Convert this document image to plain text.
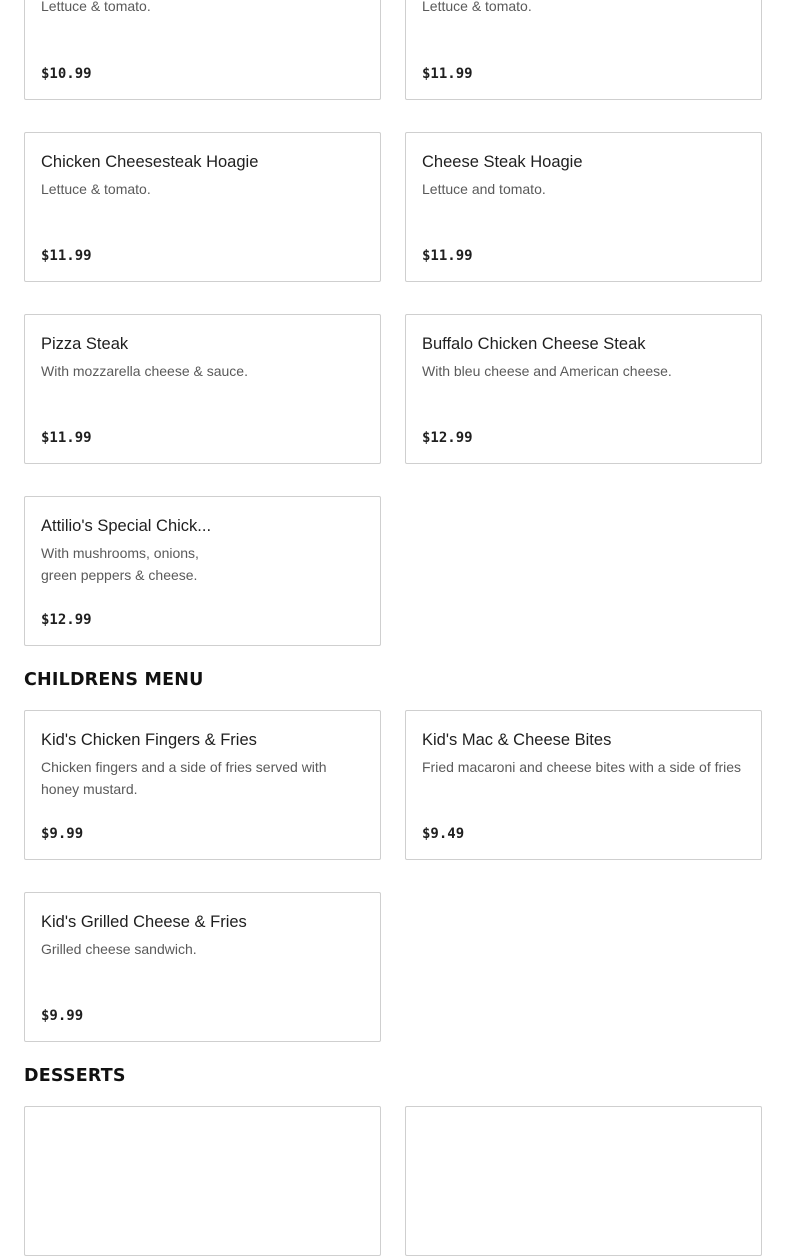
Lettuce & tomato.
$10.99
Lettuce & tomato.
$11.99
Chicken Cheesesteak Hoagie
Lettuce & tomato.
$11.99
Cheese Steak Hoagie
Lettuce and tomato.
$11.99
Pizza Steak
With mozzarella cheese & sauce.
$11.99
Buffalo Chicken Cheese Steak
With bleu cheese and American cheese.
$12.99
Attilio's Special Chick...
With mushrooms, onions,
green peppers & cheese.
$12.99
CHILDRENS MENU
Kid's Chicken Fingers & Fries
Chicken fingers and a side of fries served with honey mustard.
$9.99
Kid's Mac & Cheese Bites
Fried macaroni and cheese bites with a side of fries
$9.49
Kid's Grilled Cheese & Fries
Grilled cheese sandwich.
$9.99
DESSERTS
